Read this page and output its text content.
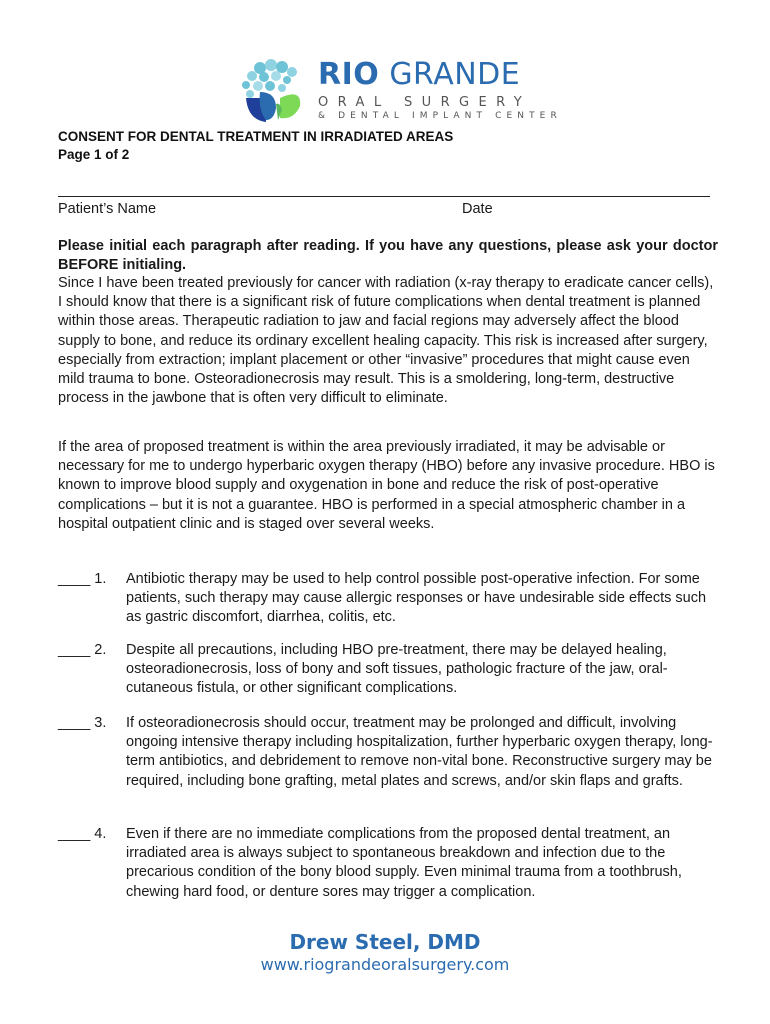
RIO GRANDE
ORAL SURGERY
& DENTAL IMPLANT CENTER
CONSENT FOR DENTAL TREATMENT IN IRRADIATED AREAS
Page 1 of 2
Patient’s Name	Date
Please initial each paragraph after reading. If you have any questions, please ask your doctor BEFORE initialing.
Since I have been treated previously for cancer with radiation (x-ray therapy to eradicate cancer cells), I should know that there is a significant risk of future complications when dental treatment is planned within those areas. Therapeutic radiation to jaw and facial regions may adversely affect the blood supply to bone, and reduce its ordinary excellent healing capacity. This risk is increased after surgery, especially from extraction; implant placement or other “invasive” procedures that might cause even mild trauma to bone. Osteoradionecrosis may result. This is a smoldering, long-term, destructive process in the jawbone that is often very difficult to eliminate.
If the area of proposed treatment is within the area previously irradiated, it may be advisable or necessary for me to undergo hyperbaric oxygen therapy (HBO) before any invasive procedure. HBO is known to improve blood supply and oxygenation in bone and reduce the risk of post-operative complications – but it is not a guarantee. HBO is performed in a special atmospheric chamber in a hospital outpatient clinic and is staged over several weeks.
____ 1.	Antibiotic therapy may be used to help control possible post-operative infection. For some patients, such therapy may cause allergic responses or have undesirable side effects such as gastric discomfort, diarrhea, colitis, etc.
____ 2.	Despite all precautions, including HBO pre-treatment, there may be delayed healing, osteoradionecrosis, loss of bony and soft tissues, pathologic fracture of the jaw, oral-cutaneous fistula, or other significant complications.
____ 3.	If osteoradionecrosis should occur, treatment may be prolonged and difficult, involving ongoing intensive therapy including hospitalization, further hyperbaric oxygen therapy, long-term antibiotics, and debridement to remove non-vital bone. Reconstructive surgery may be required, including bone grafting, metal plates and screws, and/or skin flaps and grafts.
____ 4.	Even if there are no immediate complications from the proposed dental treatment, an irradiated area is always subject to spontaneous breakdown and infection due to the precarious condition of the bony blood supply. Even minimal trauma from a toothbrush, chewing hard food, or denture sores may trigger a complication.
Drew Steel, DMD
www.riograndeoralsurgery.com
